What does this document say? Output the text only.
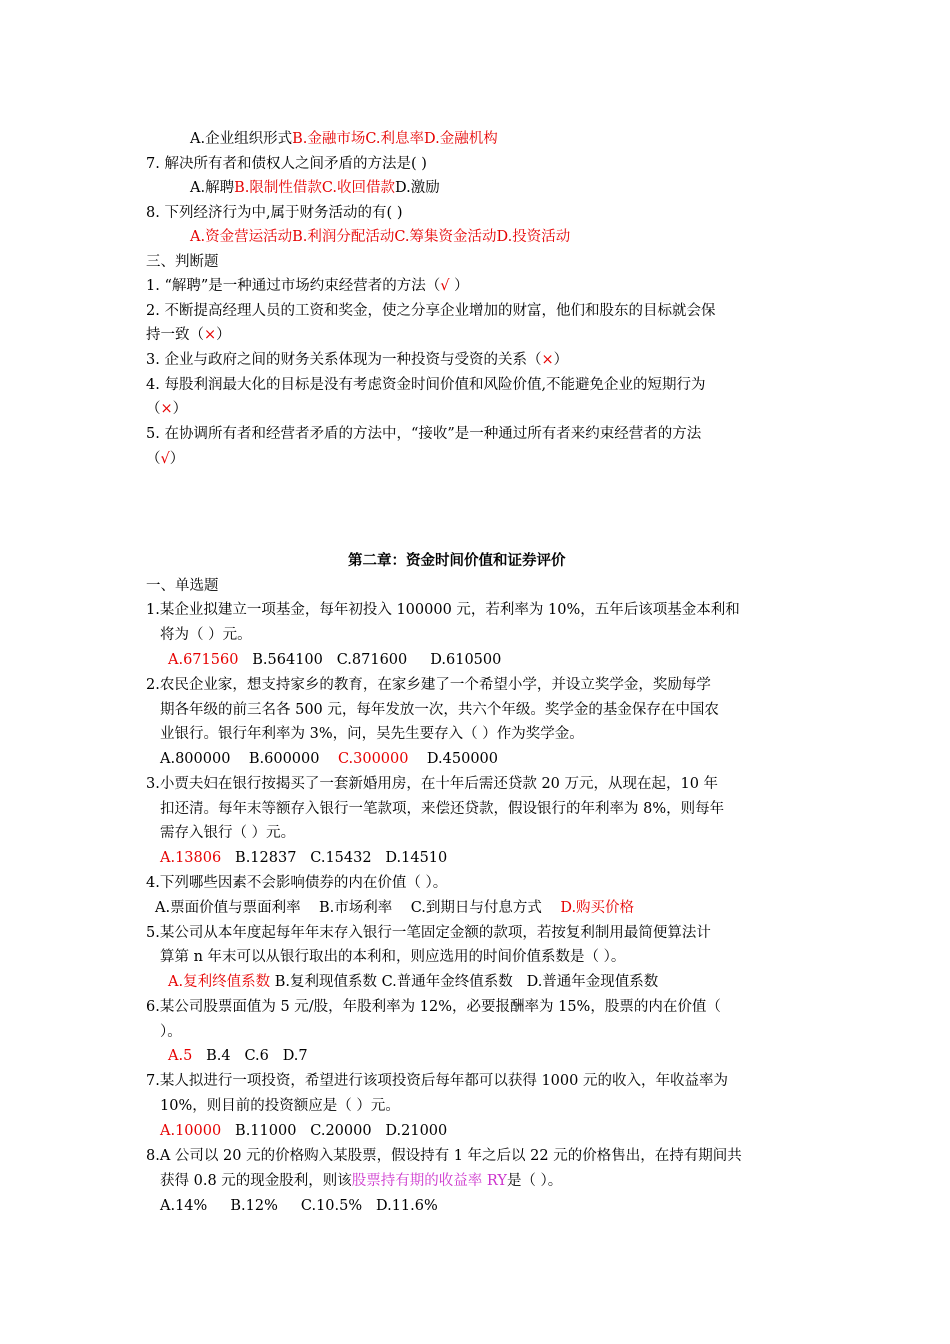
A.企业组织形式B.金融市场C.利息率D.金融机构
7. 解决所有者和债权人之间矛盾的方法是( )
A.解聘B.限制性借款C.收回借款D.激励
8. 下列经济行为中,属于财务活动的有( )
A.资金营运活动B.利润分配活动C.筹集资金活动D.投资活动
三、判断题
1. “解聘”是一种通过市场约束经营者的方法（√ ）
2. 不断提高经理人员的工资和奖金，使之分享企业增加的财富，他们和股东的目标就会保
持一致（×）
3. 企业与政府之间的财务关系体现为一种投资与受资的关系（×）
4. 每股利润最大化的目标是没有考虑资金时间价值和风险价值,不能避免企业的短期行为
（×）
5. 在协调所有者和经营者矛盾的方法中，“接收”是一种通过所有者来约束经营者的方法
（√）
第二章：资金时间价值和证券评价
一、单选题
1.某企业拟建立一项基金，每年初投入 100000 元，若利率为 10%，五年后该项基金本利和
将为（ ）元。
A.671560   B.564100   C.871600     D.610500
2.农民企业家，想支持家乡的教育，在家乡建了一个希望小学，并设立奖学金，奖励每学
期各年级的前三名各 500 元，每年发放一次，共六个年级。奖学金的基金保存在中国农
业银行。银行年利率为 3%，问，吴先生要存入（ ）作为奖学金。
A.800000    B.600000    C.300000    D.450000
3.小贾夫妇在银行按揭买了一套新婚用房，在十年后需还贷款 20 万元，从现在起，10 年
扣还清。每年末等额存入银行一笔款项，来偿还贷款，假设银行的年利率为 8%，则每年
需存入银行（ ）元。
A.13806   B.12837   C.15432   D.14510
4.下列哪些因素不会影响债券的内在价值（ ）。
A.票面价值与票面利率    B.市场利率    C.到期日与付息方式    D.购买价格
5.某公司从本年度起每年年末存入银行一笔固定金额的款项，若按复利制用最简便算法计
算第 n 年末可以从银行取出的本利和，则应选用的时间价值系数是（ ）。
A.复利终值系数 B.复利现值系数 C.普通年金终值系数   D.普通年金现值系数
6.某公司股票面值为 5 元/股，年股利率为 12%，必要报酬率为 15%，股票的内在价值（
）。
A.5   B.4   C.6   D.7
7.某人拟进行一项投资，希望进行该项投资后每年都可以获得 1000 元的收入，年收益率为
10%，则目前的投资额应是（ ）元。
A.10000   B.11000   C.20000   D.21000
8.A 公司以 20 元的价格购入某股票，假设持有 1 年之后以 22 元的价格售出，在持有期间共
获得 0.8 元的现金股利，则该股票持有期的收益率 RY是（ ）。
A.14%     B.12%     C.10.5%   D.11.6%
